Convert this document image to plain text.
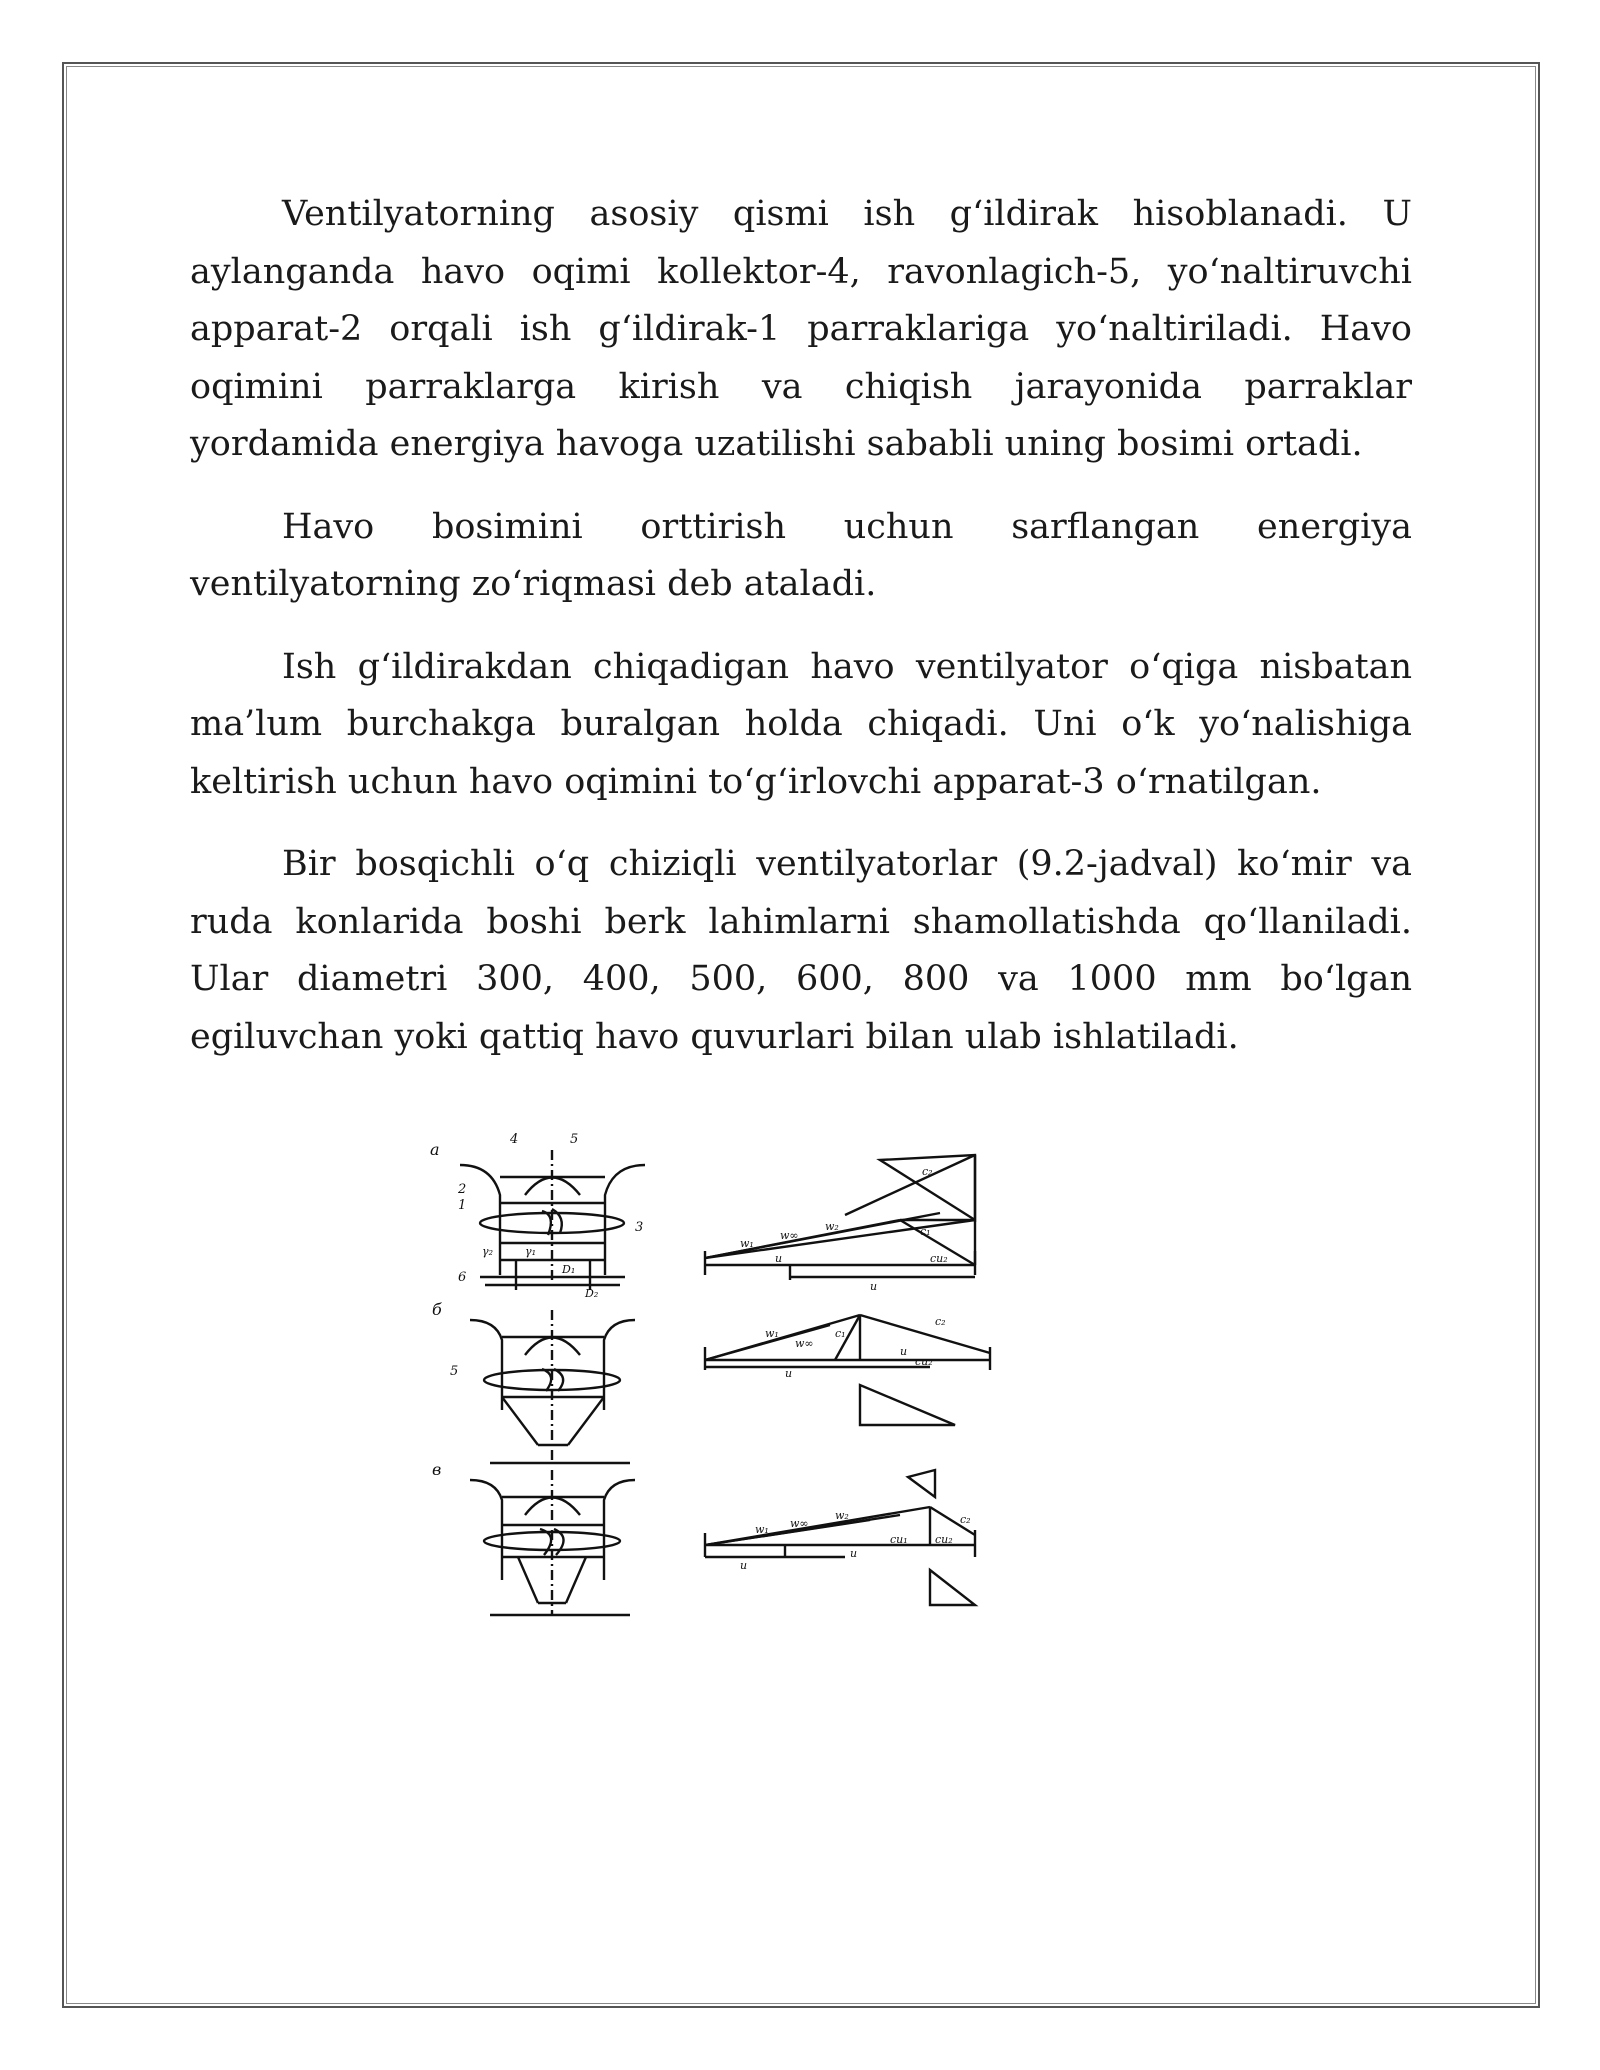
Ventilyatorning asosiy qismi ish g‘ildirak hisoblanadi. U aylanganda havo oqimi kollektor-4, ravonlagich-5, yo‘naltiruvchi apparat-2 orqali ish g‘ildirak-1 parraklariga yo‘naltiriladi. Havo oqimini parraklarga kirish va chiqish jarayonida parraklar yordamida energiya havoga uzatilishi sababli uning bosimi ortadi.

Havo bosimini orttirish uchun sarflangan energiya ventilyatorning zo‘riqmasi deb ataladi.

Ish g‘ildirakdan chiqadigan havo ventilyator o‘qiga nisbatan ma’lum burchakga buralgan holda chiqadi. Uni o‘k yo‘nalishiga keltirish uchun havo oqimini to‘g‘irlovchi apparat-3 o‘rnatilgan.

Bir bosqichli o‘q chiziqli ventilyatorlar (9.2-jadval) ko‘mir va ruda konlarida boshi berk lahimlarni shamollatishda qo‘llaniladi. Ular diametri 300, 400, 500, 600, 800 va 1000 mm bo‘lgan egiluvchan yoki qattiq havo quvurlari bilan ulab ishlatiladi.

a
б
в
4	5
2
1
3
6
5
D₁
D₂
γ₁
γ₂
w₁
w∞
w₂	c₁
c₂
u
u
cu₂
w₁
w∞
c₂
c₁
u
cu₂
u
w₁ w∞
w₂	c₂
u
u
cu₁ cu₂
